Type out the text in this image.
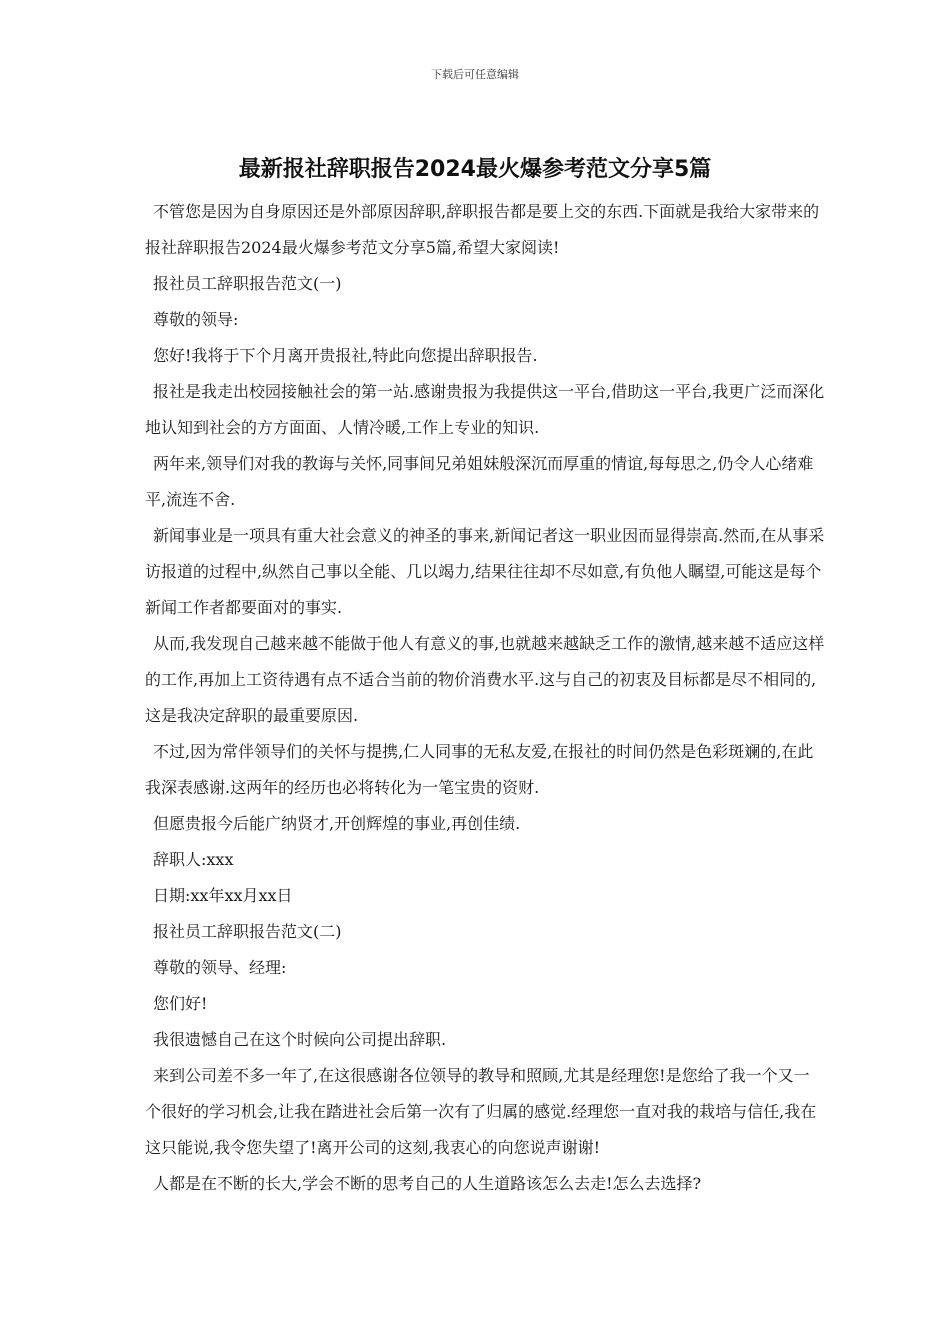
下载后可任意编辑
最新报社辞职报告2024最火爆参考范文分享5篇

不管您是因为自身原因还是外部原因辞职,辞职报告都是要上交的东西.下面就是我给大家带来的报社辞职报告2024最火爆参考范文分享5篇,希望大家阅读!

报社员工辞职报告范文(一)

尊敬的领导:

您好!我将于下个月离开贵报社,特此向您提出辞职报告.

报社是我走出校园接触社会的第一站.感谢贵报为我提供这一平台,借助这一平台,我更广泛而深化地认知到社会的方方面面、人情冷暖,工作上专业的知识.

两年来,领导们对我的教诲与关怀,同事间兄弟姐妹般深沉而厚重的情谊,每每思之,仍令人心绪难平,流连不舍.

新闻事业是一项具有重大社会意义的神圣的事来,新闻记者这一职业因而显得崇高.然而,在从事采访报道的过程中,纵然自己事以全能、几以竭力,结果往往却不尽如意,有负他人瞩望,可能这是每个新闻工作者都要面对的事实.

从而,我发现自己越来越不能做于他人有意义的事,也就越来越缺乏工作的激情,越来越不适应这样的工作,再加上工资待遇有点不适合当前的物价消费水平.这与自己的初衷及目标都是尽不相同的,这是我决定辞职的最重要原因.

不过,因为常伴领导们的关怀与提携,仁人同事的无私友爱,在报社的时间仍然是色彩斑斓的,在此我深表感谢.这两年的经历也必将转化为一笔宝贵的资财.

但愿贵报今后能广纳贤才,开创辉煌的事业,再创佳绩.

辞职人:xxx

日期:xx年xx月xx日

报社员工辞职报告范文(二)

尊敬的领导、经理:

您们好!

我很遗憾自己在这个时候向公司提出辞职.

来到公司差不多一年了,在这很感谢各位领导的教导和照顾,尤其是经理您!是您给了我一个又一个很好的学习机会,让我在踏进社会后第一次有了归属的感觉.经理您一直对我的栽培与信任,我在这只能说,我令您失望了!离开公司的这刻,我衷心的向您说声谢谢!

人都是在不断的长大,学会不断的思考自己的人生道路该怎么去走!怎么去选择?
